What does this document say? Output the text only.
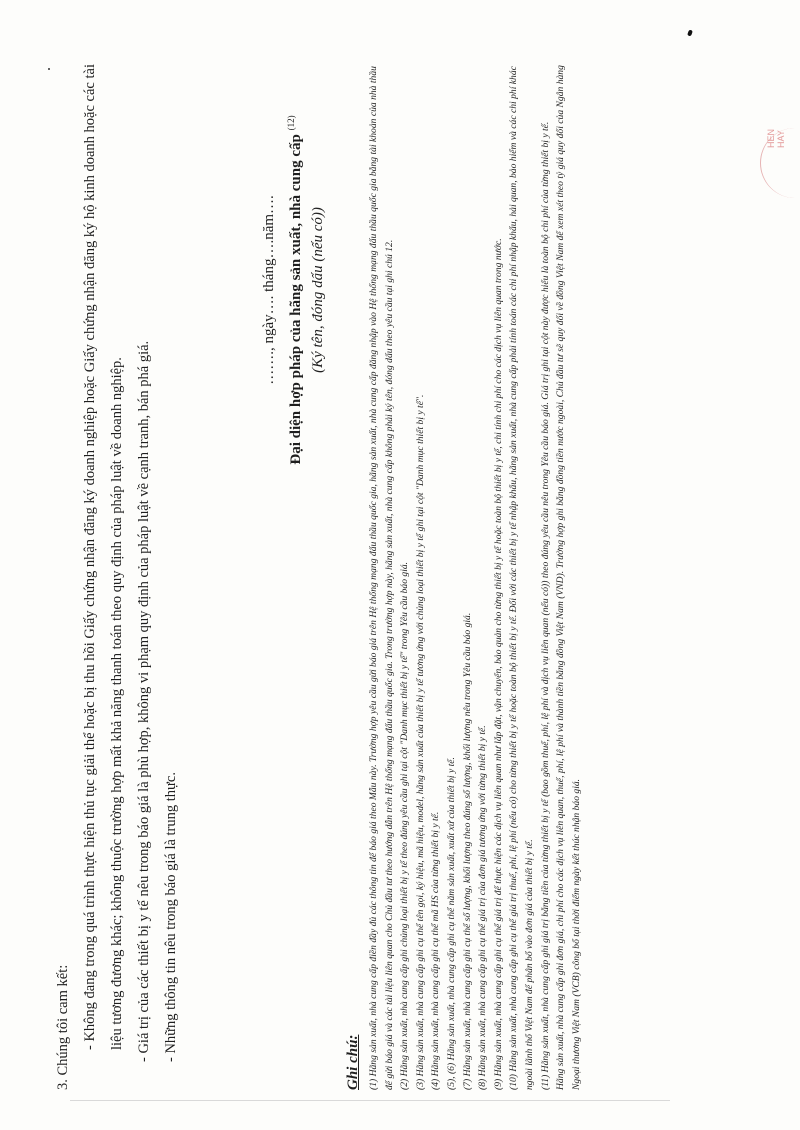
HEN HAY

3. Chúng tôi cam kết: - Không đang trong quá trình thực hiện thủ tục giải thể hoặc bị thu hồi Giấy chứng nhận đăng ký doanh nghiệp hoặc Giấy chứng nhận đăng ký hộ kinh doanh hoặc các tài liệu tương đương khác; không thuộc trường hợp mất khả năng thanh toán theo quy định của pháp luật về doanh nghiệp. - Giá trị của các thiết bị y tế nêu trong báo giá là phù hợp, không vi phạm quy định của pháp luật về cạnh tranh, bán phá giá. - Những thông tin nêu trong báo giá là trung thực.

……., ngày…. tháng….năm…. Đại diện hợp pháp của hãng sản xuất, nhà cung cấp $^{(12)}$
(Ký tên, đóng dấu (nếu có))
Ghi chú: (1) Hãng sản xuất, nhà cung cấp điền đầy đủ các thông tin để báo giá theo Mẫu này. Trường hợp yêu cầu gửi báo giá trên Hệ thống mạng đấu thầu quốc gia, hãng sản xuất, nhà cung cấp đăng nhập vào Hệ thống mạng đấu thầu quốc gia bằng tài khoản của nhà thầu để gửi báo giá và các tài liệu liên quan cho Chủ đầu tư theo hướng dẫn trên Hệ thống mạng đấu thầu quốc gia. Trong trường hợp này, hãng sản xuất, nhà cung cấp không phải ký tên, đóng dấu theo yêu cầu tại ghi chú 12. (2) Hãng sản xuất, nhà cung cấp ghi chủng loại thiết bị y tế theo đúng yêu cầu ghi tại cột "Danh mục thiết bị y tế" trong Yêu cầu báo giá. (3) Hãng sản xuất, nhà cung cấp ghi cụ thể tên gọi, ký hiệu, mã hiệu, model, hãng sản xuất của thiết bị y tế tương ứng với chủng loại thiết bị y tế ghi tại cột "Danh mục thiết bị y tế". (4) Hãng sản xuất, nhà cung cấp ghi cụ thể mã HS của từng thiết bị y tế. (5), (6) Hãng sản xuất, nhà cung cấp ghi cụ thể năm sản xuất, xuất xứ của thiết bị y tế. (7) Hãng sản xuất, nhà cung cấp ghi cụ thể số lượng, khối lượng theo đúng số lượng, khối lượng nêu trong Yêu cầu báo giá. (8) Hãng sản xuất, nhà cung cấp ghi cụ thể giá trị của đơn giá tương ứng với từng thiết bị y tế. (9) Hãng sản xuất, nhà cung cấp ghi cụ thể giá trị để thực hiện các dịch vụ liên quan như lắp đặt, vận chuyển, bảo quản cho từng thiết bị y tế hoặc toàn bộ thiết bị y tế, chi tính chi phí cho các dịch vụ liên quan trong nước. (10) Hãng sản xuất, nhà cung cấp ghi cụ thể giá trị thuế, phí, lệ phí (nếu có) cho từng thiết bị y tế hoặc toàn bộ thiết bị y tế. Đối với các thiết bị y tế nhập khẩu, hãng sản xuất, nhà cung cấp phải tính toán các chi phí nhập khẩu, hải quan, bảo hiểm và các chi phí khác ngoài lãnh thổ Việt Nam để phân bổ vào đơn giá của thiết bị y tế. (11) Hãng sản xuất, nhà cung cấp ghi giá trị bằng tiền của từng thiết bị y tế (bao gồm thuế, phí, lệ phí và dịch vụ liên quan (nếu có)) theo đúng yêu cầu nêu trong Yêu cầu báo giá. Giá trị ghi tại cột này được hiểu là toàn bộ chi phí của từng thiết bị y tế. Hãng sản xuất, nhà cung cấp ghi đơn giá, chi phí cho các dịch vụ liên quan, thuế, phí, lệ phí và thành tiền bằng đồng Việt Nam (VND). Trường hợp ghi bằng đồng tiền nước ngoài, Chủ đầu tư sẽ quy đổi về đồng Việt Nam để xem xét theo tỷ giá quy đổi của Ngân hàng Ngoại thương Việt Nam (VCB) công bố tại thời điểm ngày kết thúc nhận báo giá.
